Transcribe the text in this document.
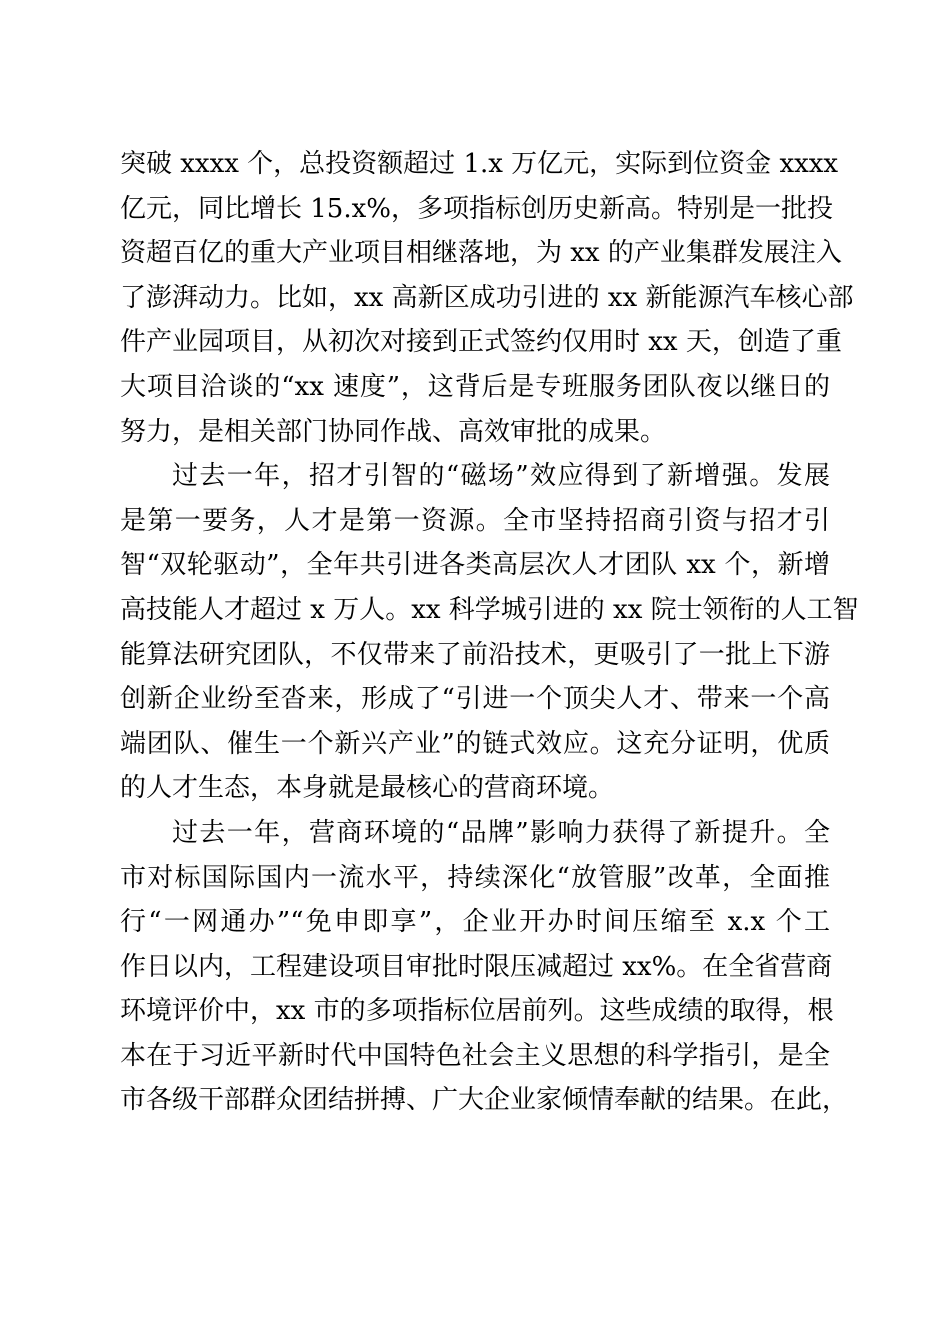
突破 xxxx 个，总投资额超过 1.x 万亿元，实际到位资金 xxxx
亿元，同比增长 15.x%，多项指标创历史新高。特别是一批投
资超百亿的重大产业项目相继落地，为 xx 的产业集群发展注入
了澎湃动力。比如，xx 高新区成功引进的 xx 新能源汽车核心部
件产业园项目，从初次对接到正式签约仅用时 xx 天，创造了重
大项目洽谈的“xx 速度”，这背后是专班服务团队夜以继日的
努力，是相关部门协同作战、高效审批的成果。
过去一年，招才引智的“磁场”效应得到了新增强。发展
是第一要务，人才是第一资源。全市坚持招商引资与招才引
智“双轮驱动”，全年共引进各类高层次人才团队 xx 个，新增
高技能人才超过 x 万人。xx 科学城引进的 xx 院士领衔的人工智
能算法研究团队，不仅带来了前沿技术，更吸引了一批上下游
创新企业纷至沓来，形成了“引进一个顶尖人才、带来一个高
端团队、催生一个新兴产业”的链式效应。这充分证明，优质
的人才生态，本身就是最核心的营商环境。
过去一年，营商环境的“品牌”影响力获得了新提升。全
市对标国际国内一流水平，持续深化“放管服”改革，全面推
行“一网通办”“免申即享”，企业开办时间压缩至 x.x 个工
作日以内，工程建设项目审批时限压减超过 xx%。在全省营商
环境评价中，xx 市的多项指标位居前列。这些成绩的取得，根
本在于习近平新时代中国特色社会主义思想的科学指引，是全
市各级干部群众团结拼搏、广大企业家倾情奉献的结果。在此，
